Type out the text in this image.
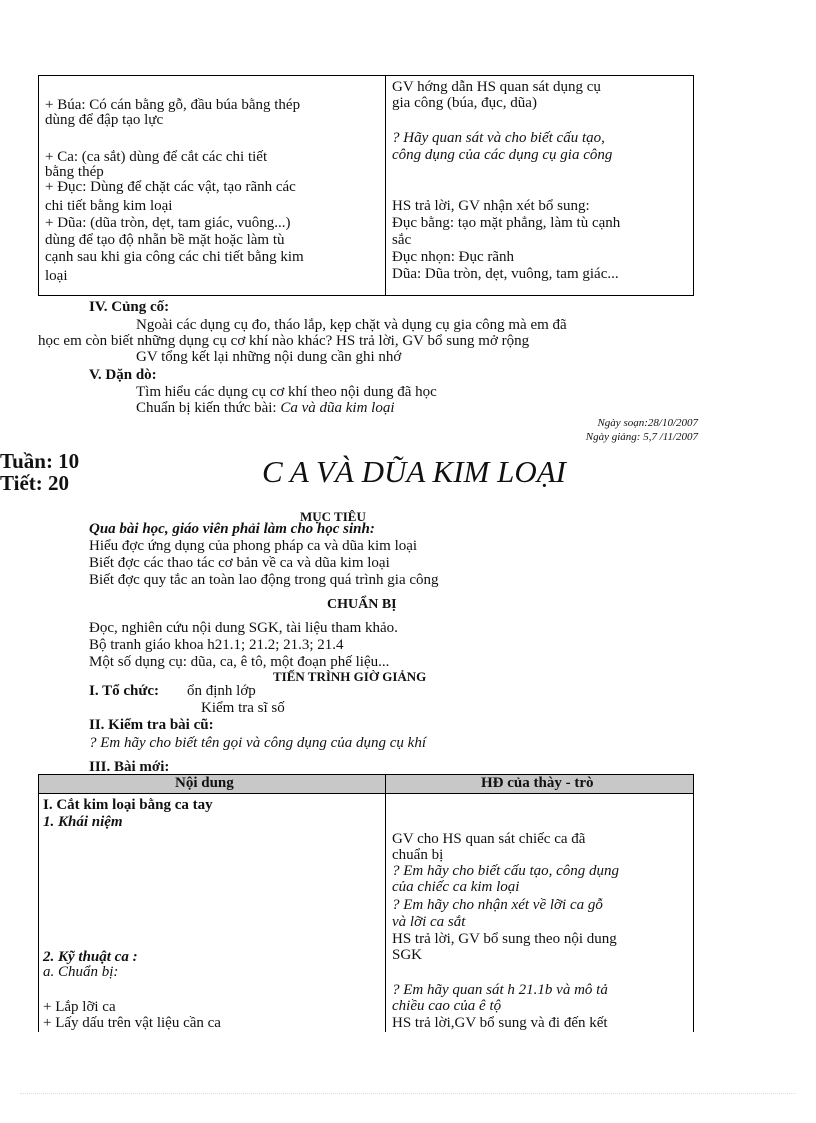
+ Búa: Có cán bằng gỗ, đầu búa bằng thép
dùng để đập tạo lực
+ Ca: (ca sắt) dùng để cắt các chi tiết
bằng thép
+ Đục: Dùng để chặt các vật, tạo rãnh các
chi tiết bằng kim loại
+ Dũa: (dũa tròn, dẹt, tam giác, vuông...)
dùng để tạo độ nhẵn bề mặt hoặc làm tù
cạnh sau khi gia công các chi tiết bằng kim
loại
GV hớng dẫn HS quan sát dụng cụ
gia công (búa, đục, dũa)
? Hãy quan sát và cho biết cấu tạo,
công dụng của các dụng cụ gia công
HS trả lời, GV nhận xét bổ sung:
Đục bằng: tạo mặt phẳng, làm tù cạnh
sắc
Đục nhọn: Đục rãnh
Dũa: Dũa tròn, dẹt, vuông, tam giác...
IV. Củng cố:
Ngoài các dụng cụ đo, tháo lắp, kẹp chặt và dụng cụ gia công mà em đã
học em còn biết những dụng cụ cơ khí nào khác? HS trả lời, GV bổ sung mở rộng
GV tổng kết lại những nội dung cần ghi nhớ
V. Dặn dò:
Tìm hiểu các dụng cụ cơ khí theo nội dung đã học
Chuẩn bị kiến thức bài: Ca và dũa kim loại
Ngày soạn:28/10/2007
Ngày giảng: 5,7 /11/2007
Tuần: 10
Tiết: 20	C A VÀ DŨA KIM LOẠI
MỤC TIÊU
Qua bài học, giáo viên phải làm cho học sinh:
Hiểu đợc ứng dụng của phong pháp ca và dũa kim loại
Biết đợc các thao tác cơ bản về ca và dũa kim loại
Biết đợc quy tắc an toàn lao động trong quá trình gia công
CHUẨN BỊ
Đọc, nghiên cứu nội dung SGK, tài liệu tham khảo.
Bộ tranh giáo khoa h21.1; 21.2; 21.3; 21.4
Một số dụng cụ: dũa, ca, ê tô, một đoạn phế liệu...
TIẾN TRÌNH GIỜ GIẢNG
I. Tổ chức: ổn định lớp
Kiểm tra sĩ số
II. Kiểm tra bài cũ:
? Em hãy cho biết tên gọi và công dụng của dụng cụ khí
III. Bài mới:
Nội dung	HĐ của thày - trò
I. Cắt kim loại bằng ca tay
1. Khái niệm
2. Kỹ thuật ca :
a. Chuẩn bị:
+ Lắp lỡi ca
+ Lấy dấu trên vật liệu cần ca
GV cho HS quan sát chiếc ca đã
chuẩn bị
? Em hãy cho biết cấu tạo, công dụng
của chiếc ca kim loại
? Em hãy cho nhận xét về lỡi ca gỗ
và lỡi ca sắt
HS trả lời, GV bổ sung theo nội dung
SGK
? Em hãy quan sát h 21.1b và mô tả
chiều cao của ê tộ
HS trả lời,GV bổ sung và đi đến kết
